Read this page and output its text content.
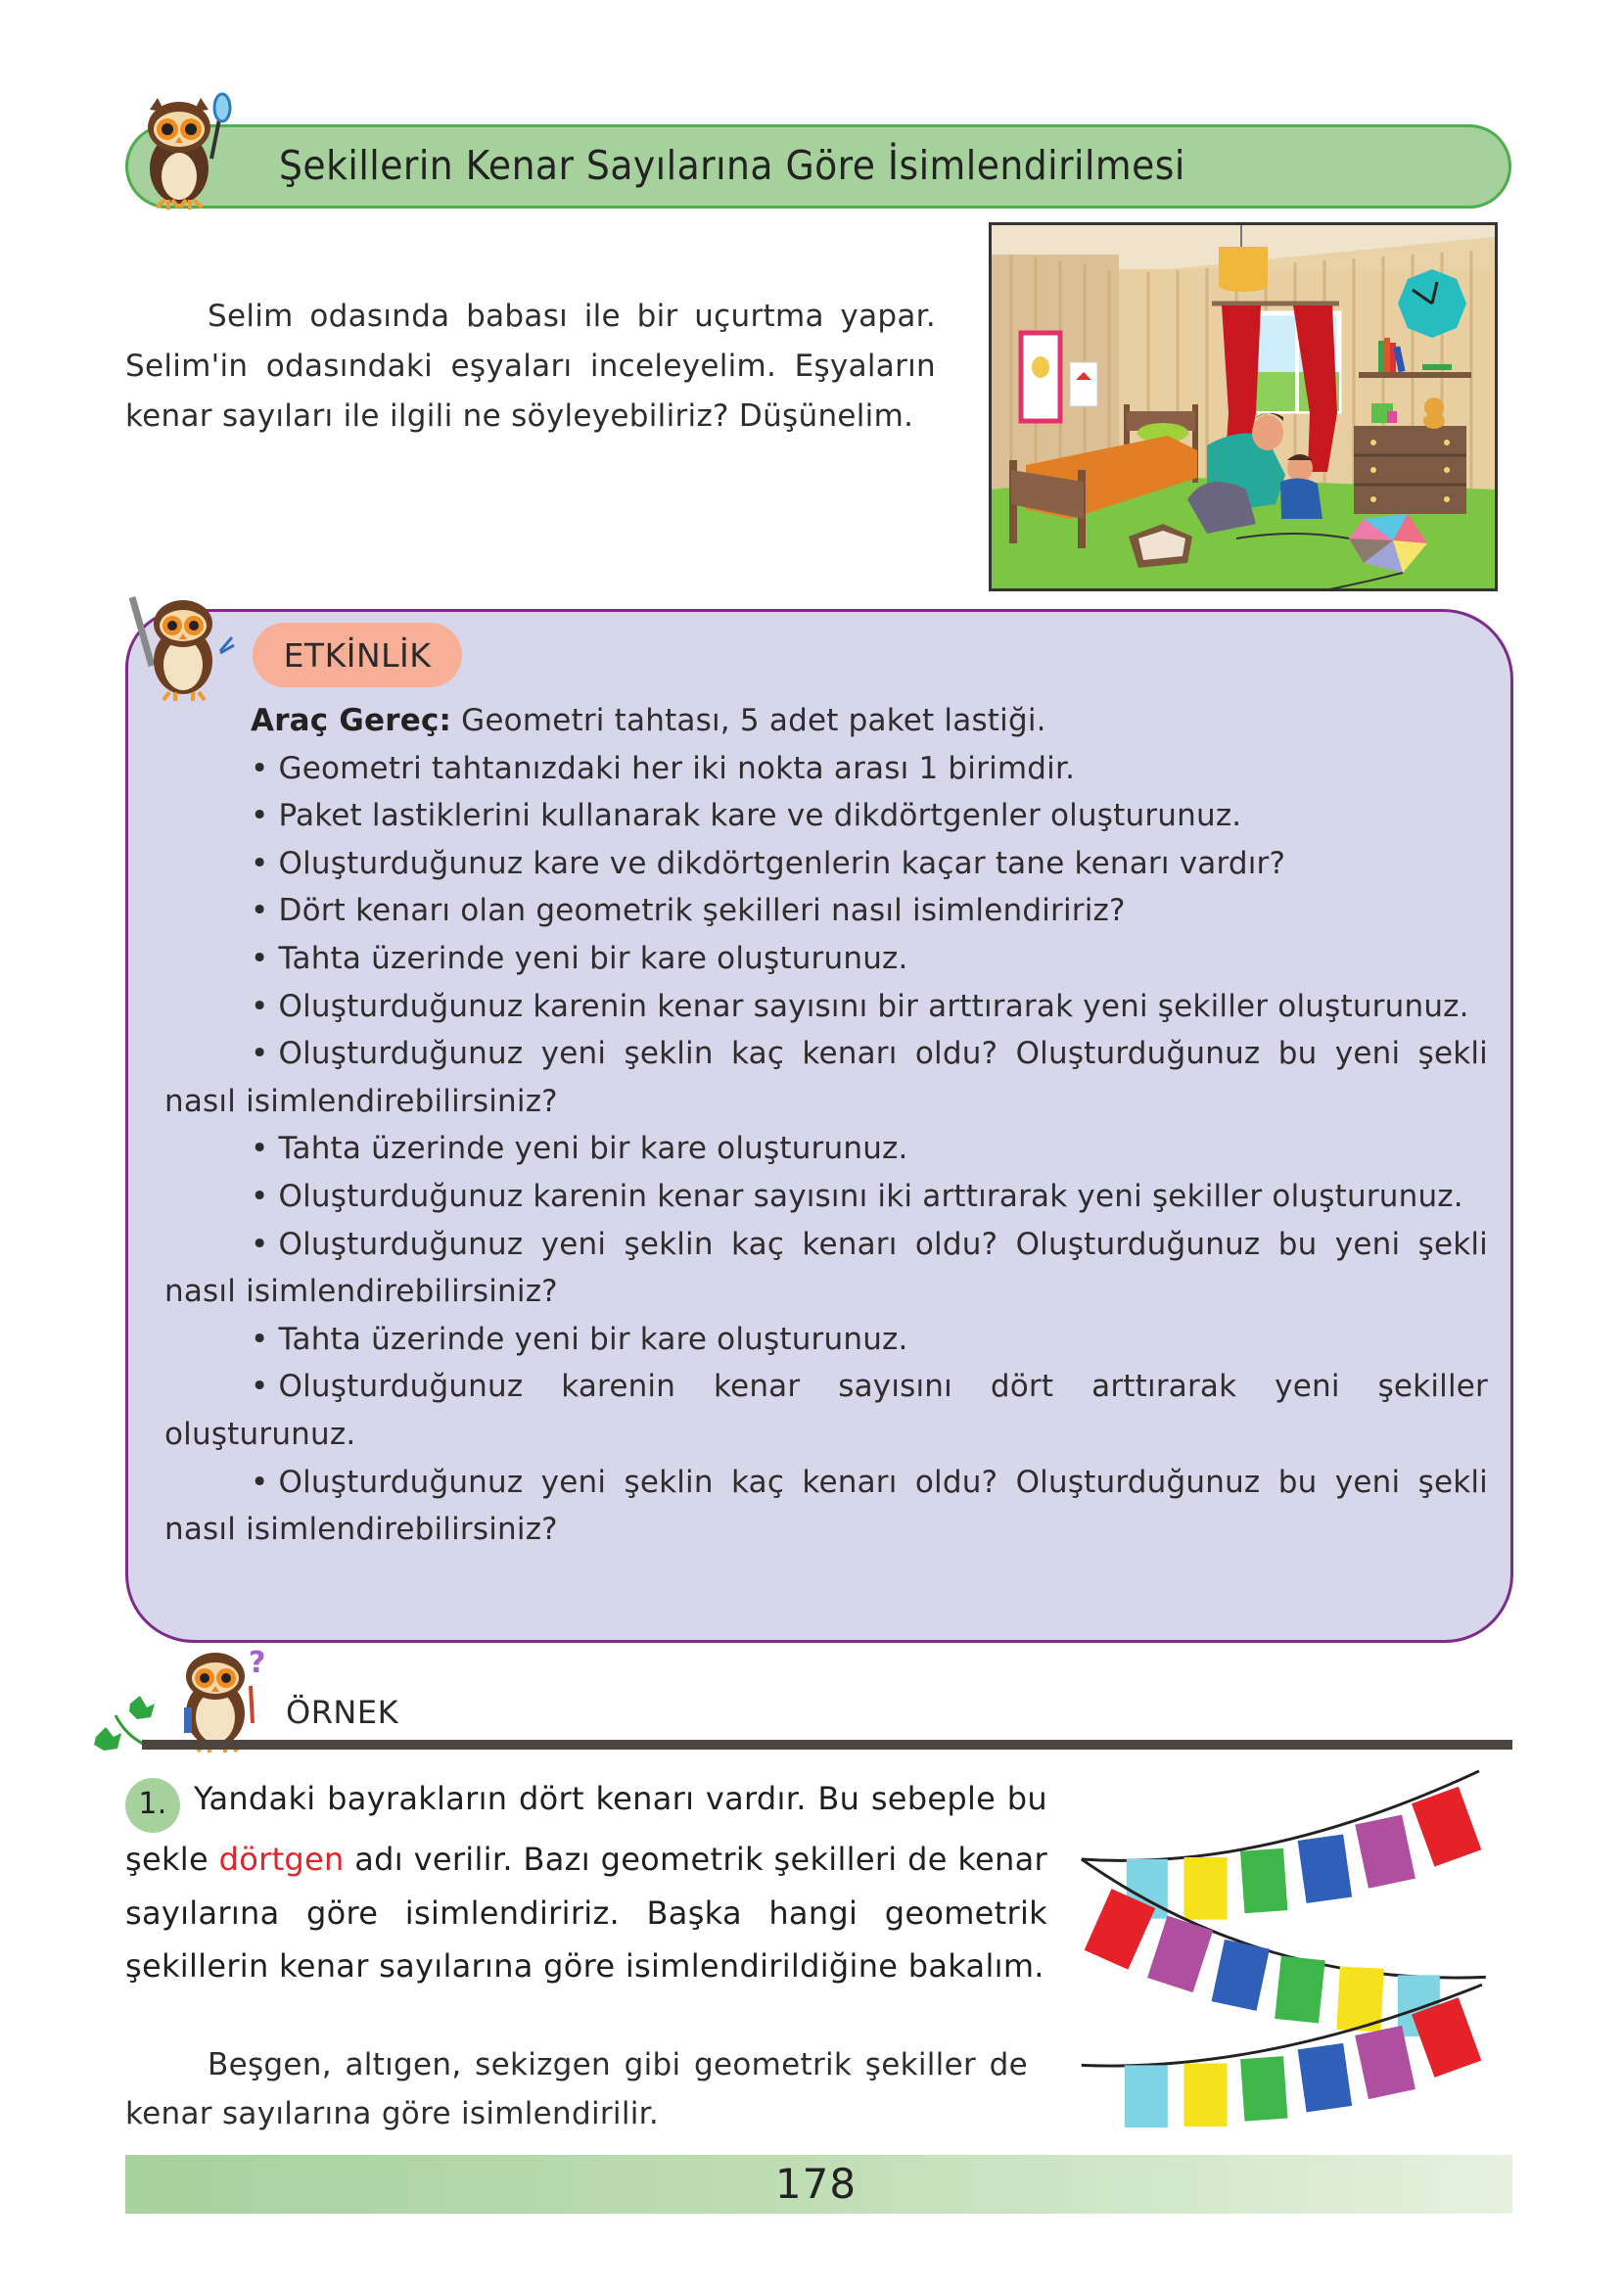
Şekillerin Kenar Sayılarına Göre İsimlendirilmesi

Selim odasında babası ile bir uçurtma yapar. Selim'in odasındaki eşyaları inceleyelim. Eşyaların kenar sayıları ile ilgili ne söyleyebiliriz? Düşünelim.

ETKİNLİK
Araç Gereç: Geometri tahtası, 5 adet paket lastiği.
• Geometri tahtanızdaki her iki nokta arası 1 birimdir.
• Paket lastiklerini kullanarak kare ve dikdörtgenler oluşturunuz.
• Oluşturduğunuz kare ve dikdörtgenlerin kaçar tane kenarı vardır?
• Dört kenarı olan geometrik şekilleri nasıl isimlendiririz?
• Tahta üzerinde yeni bir kare oluşturunuz.
• Oluşturduğunuz karenin kenar sayısını bir arttırarak yeni şekiller oluşturunuz.
• Oluşturduğunuz yeni şeklin kaç kenarı oldu? Oluşturduğunuz bu yeni şekli nasıl isimlendirebilirsiniz?
• Tahta üzerinde yeni bir kare oluşturunuz.
• Oluşturduğunuz karenin kenar sayısını iki arttırarak yeni şekiller oluşturunuz.
• Oluşturduğunuz yeni şeklin kaç kenarı oldu? Oluşturduğunuz bu yeni şekli nasıl isimlendirebilirsiniz?
• Tahta üzerinde yeni bir kare oluşturunuz.
• Oluşturduğunuz karenin kenar sayısını dört arttırarak yeni şekiller oluşturunuz.
• Oluşturduğunuz yeni şeklin kaç kenarı oldu? Oluşturduğunuz bu yeni şekli nasıl isimlendirebilirsiniz?
?
ÖRNEK
1. Yandaki bayrakların dört kenarı vardır. Bu sebeple bu şekle dörtgen adı verilir. Bazı geometrik şekilleri de kenar sayılarına göre isimlendiririz. Başka hangi geometrik şekillerin kenar sayılarına göre isimlendirildiğine bakalım.

Beşgen, altıgen, sekizgen gibi geometrik şekiller de kenar sayılarına göre isimlendirilir.

178
